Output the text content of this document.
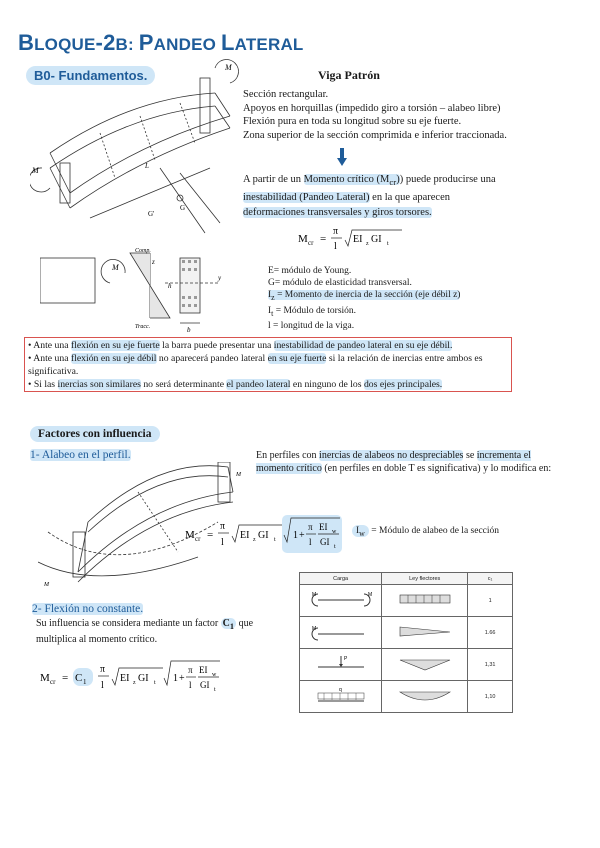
BLOQUE-2B: PANDEO LATERAL
B0- Fundamentos.
M
M
L
G'
G
Comp.
Tracc.
M
h
b
y
z
Viga Patrón
Sección rectangular.
Apoyos en horquillas (impedido giro a torsión – alabeo libre)
Flexión pura en toda su longitud sobre su eje fuerte.
Zona superior de la sección comprimida e inferior traccionada.
A partir de un Momento crítico $(M_{cr})$) puede producirse una
inestabilidad (Pandeo Lateral) en la que aparecen
deformaciones transversales y giros torsores.
M cr =
π
l
EI z GI t
E= módulo de Young.
G= módulo de elasticidad transversal.
$I_z$ = Momento de inercia de la sección (eje débil z)
$I_t$ = Módulo de torsión.
l = longitud de la viga.
• Ante una flexión en su eje fuerte la barra puede presentar una inestabilidad de pandeo lateral en su eje débil.
• Ante una flexión en su eje débil no aparecerá pandeo lateral en su eje fuerte si la relación de inercias entre ambos es significativa.
• Si las inercias son similares no será determinante el pandeo lateral en ninguno de los dos ejes principales.
Factores con influencia
1- Alabeo en el perfil.
M
M
En perfiles con inercias de alabeos no despreciables se incrementa el momento crítico (en perfiles en doble T es significativa) y lo modifica en:
M cr =
π
l
EI z GI t 1 +
π
l
EI w
GI t
$I_w$ = Módulo de alabeo de la sección
2- Flexión no constante.
Su influencia se considera mediante un factor $C_1$ que multiplica al momento crítico.
M cr = C 1
π
l
EI z GI t 1 +
π
l
EI w
GI t
Carga	Ley flectores	c₁

M M		1

M		1.66

P		1,31

q		1,10
